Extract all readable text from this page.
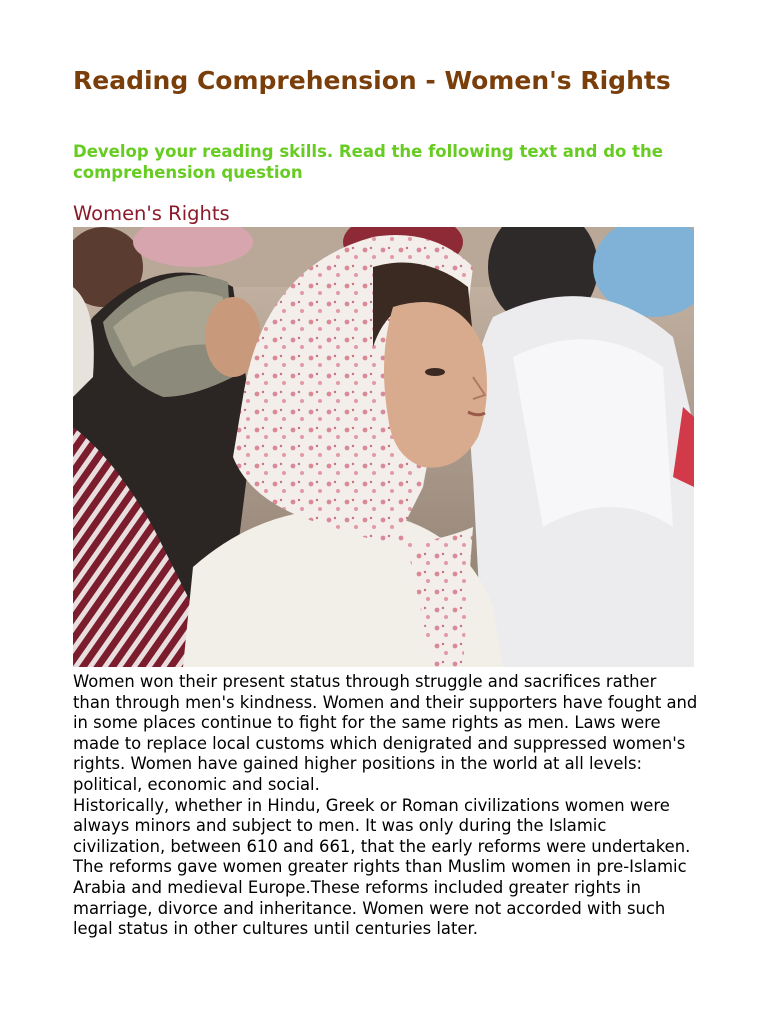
Reading Comprehension - Women's Rights

Develop your reading skills. Read the following text and do the comprehension question

Women's Rights

Women won their present status through struggle and sacrifices rather than through men's kindness. Women and their supporters have fought and in some places continue to fight for the same rights as men. Laws were made to replace local customs which denigrated and suppressed women's rights. Women have gained higher positions in the world at all levels: political, economic and social.

Historically, whether in Hindu, Greek or Roman civilizations women were always minors and subject to men. It was only during the Islamic civilization, between 610 and 661, that the early reforms were undertaken. The reforms gave women greater rights than Muslim women in pre-Islamic Arabia and medieval Europe.These reforms included greater rights in marriage, divorce and inheritance. Women were not accorded with such legal status in other cultures until centuries later.
